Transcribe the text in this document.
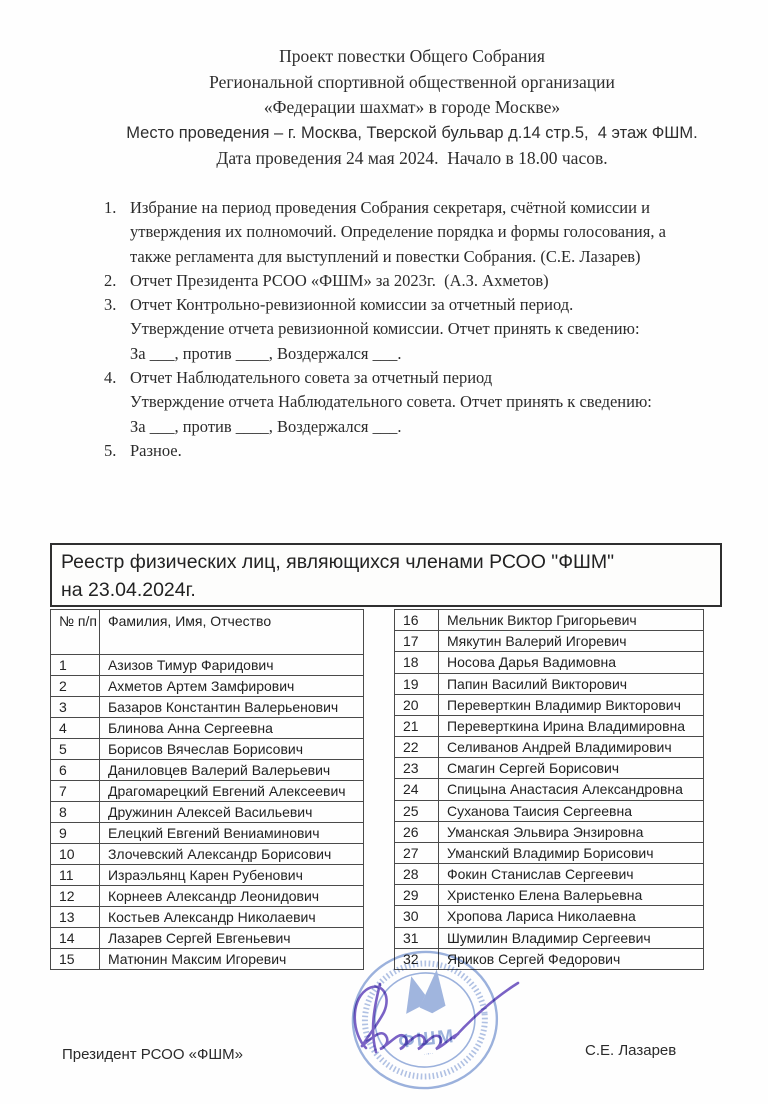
Проект повестки Общего Собрания
Региональной спортивной общественной организации
«Федерации шахмат» в городе Москве»
Место проведения – г. Москва, Тверской бульвар д.14 стр.5,  4 этаж ФШМ.
Дата проведения 24 мая 2024.  Начало в 18.00 часов.
1. Избрание на период проведения Собрания секретаря, счётной комиссии и
утверждения их полномочий. Определение порядка и формы голосования, а
также регламента для выступлений и повестки Собрания. (С.Е. Лазарев)
2. Отчет Президента РСОО «ФШМ» за 2023г.  (А.З. Ахметов)
3. Отчет Контрольно-ревизионной комиссии за отчетный период.
Утверждение отчета ревизионной комиссии. Отчет принять к сведению:
За ___, против ____, Воздержался ___.
4. Отчет Наблюдательного совета за отчетный период
Утверждение отчета Наблюдательного совета. Отчет принять к сведению:
За ___, против ____, Воздержался ___.
5. Разное.
Реестр физических лиц, являющихся членами РСОО "ФШМ"
на 23.04.2024г.
№ п/п	Фамилия, Имя, Отчество
1	Азизов Тимур Фаридович
2	Ахметов Артем Замфирович
3	Базаров Константин Валерьенович
4	Блинова Анна Сергеевна
5	Борисов Вячеслав Борисович
6	Даниловцев Валерий Валерьевич
7	Драгомарецкий Евгений Алексеевич
8	Дружинин Алексей Васильевич
9	Елецкий Евгений Вениаминович
10	Злочевский Александр Борисович
11	Израэльянц Карен Рубенович
12	Корнеев Александр Леонидович
13	Костьев Александр Николаевич
14	Лазарев Сергей Евгеньевич
15	Матюнин Максим Игоревич
16	Мельник Виктор Григорьевич
17	Мякутин Валерий Игоревич
18	Носова Дарья Вадимовна
19	Папин Василий Викторович
20	Переверткин Владимир Викторович
21	Переверткина Ирина Владимировна
22	Селиванов Андрей Владимирович
23	Смагин Сергей Борисович
24	Спицына Анастасия Александровна
25	Суханова Таисия Сергеевна
26	Уманская Эльвира Энзировна
27	Уманский Владимир Борисович
28	Фокин Станислав Сергеевич
29	Христенко Елена Валерьевна
30	Хропова Лариса Николаевна
31	Шумилин Владимир Сергеевич
32	Яриков Сергей Федорович
ФШМ
··•··
Президент РСОО «ФШМ»	С.Е. Лазарев
